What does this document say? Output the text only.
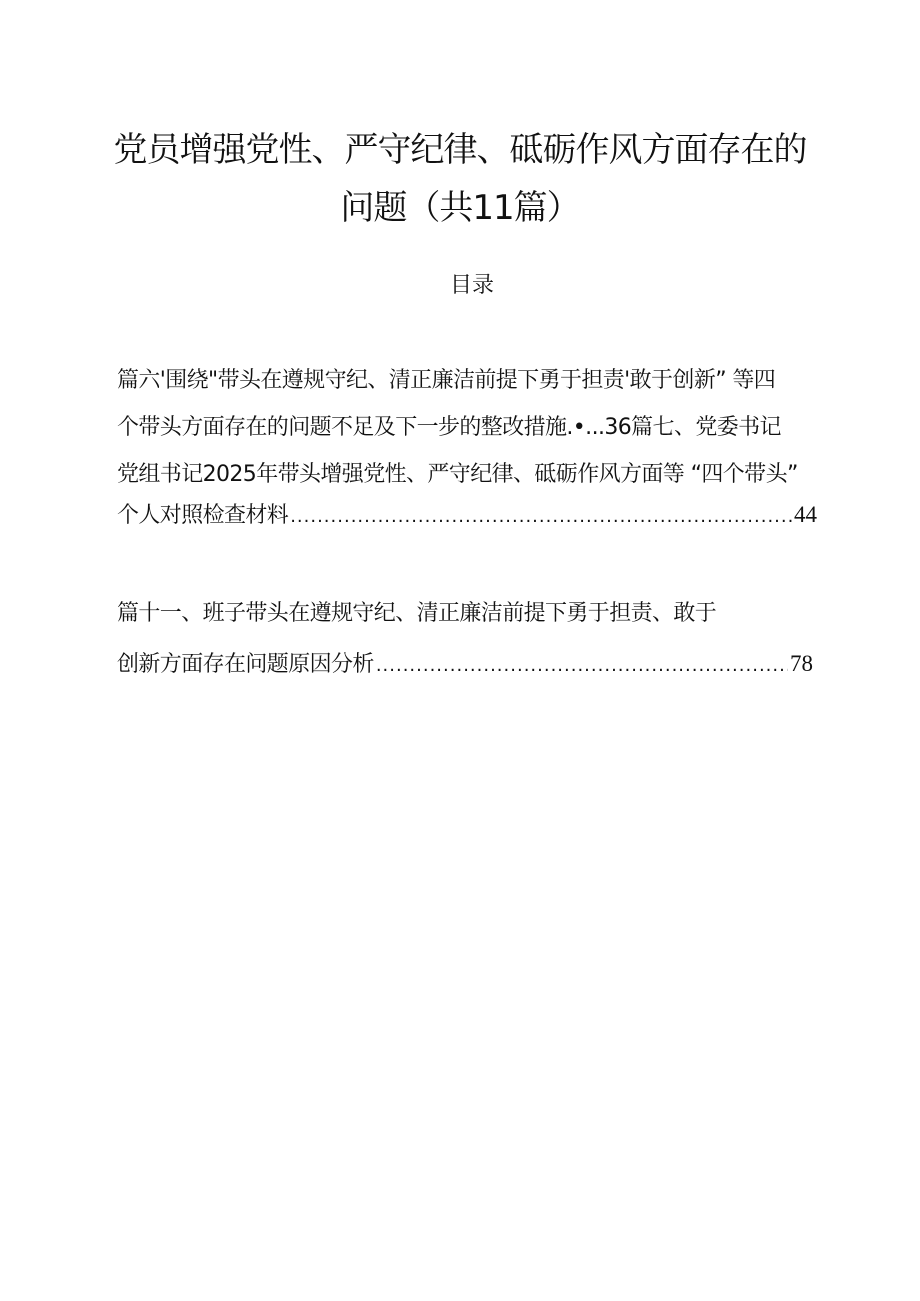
党员增强党性、严守纪律、砥砺作风方面存在的
问题（共11篇）
目录
篇六'围绕"带头在遵规守纪、清正廉洁前提下勇于担责'敢于创新” 等四
个带头方面存在的问题不足及下一步的整改措施.•...36篇七、党委书记
党组书记2025年带头增强党性、严守纪律、砥砺作风方面等 “四个带头”
个人对照检查材料 .....	44
篇十一、班子带头在遵规守纪、清正廉洁前提下勇于担责、敢于
创新方面存在问题原因分析 .....	78
